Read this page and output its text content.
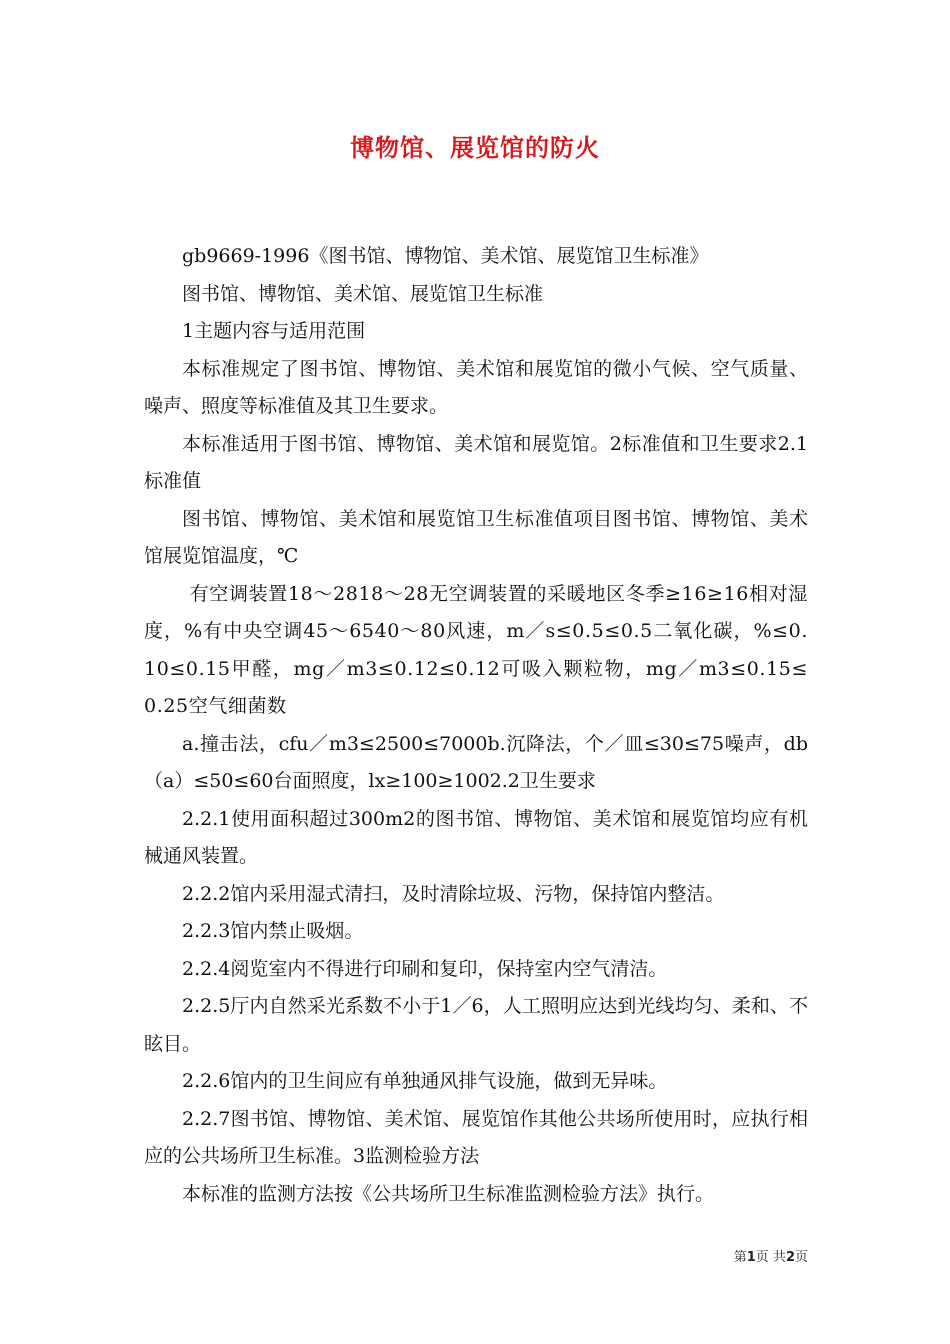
博物馆、展览馆的防火

gb9669-1996《图书馆、博物馆、美术馆、展览馆卫生标准》

图书馆、博物馆、美术馆、展览馆卫生标准

1主题内容与适用范围

本标准规定了图书馆、博物馆、美术馆和展览馆的微小气候、空气质量、噪声、照度等标准值及其卫生要求。

本标准适用于图书馆、博物馆、美术馆和展览馆。2标准值和卫生要求2.1标准值

图书馆、博物馆、美术馆和展览馆卫生标准值项目图书馆、博物馆、美术馆展览馆温度，℃

有空调装置18～2818～28无空调装置的采暖地区冬季≥16≥16相对湿度，%有中央空调45～6540～80风速，m／s≤0.5≤0.5二氧化碳，%≤0.10≤0.15甲醛，mg／m3≤0.12≤0.12可吸入颗粒物，mg／m3≤0.15≤0.25空气细菌数

a.撞击法，cfu／m3≤2500≤7000b.沉降法，个／皿≤30≤75噪声，db（a）≤50≤60台面照度，lx≥100≥1002.2卫生要求

2.2.1使用面积超过300m2的图书馆、博物馆、美术馆和展览馆均应有机械通风装置。

2.2.2馆内采用湿式清扫，及时清除垃圾、污物，保持馆内整洁。

2.2.3馆内禁止吸烟。

2.2.4阅览室内不得进行印刷和复印，保持室内空气清洁。

2.2.5厅内自然采光系数不小于1／6，人工照明应达到光线均匀、柔和、不眩目。

2.2.6馆内的卫生间应有单独通风排气设施，做到无异味。

2.2.7图书馆、博物馆、美术馆、展览馆作其他公共场所使用时，应执行相应的公共场所卫生标准。3监测检验方法

本标准的监测方法按《公共场所卫生标准监测检验方法》执行。

第1页 共2页
